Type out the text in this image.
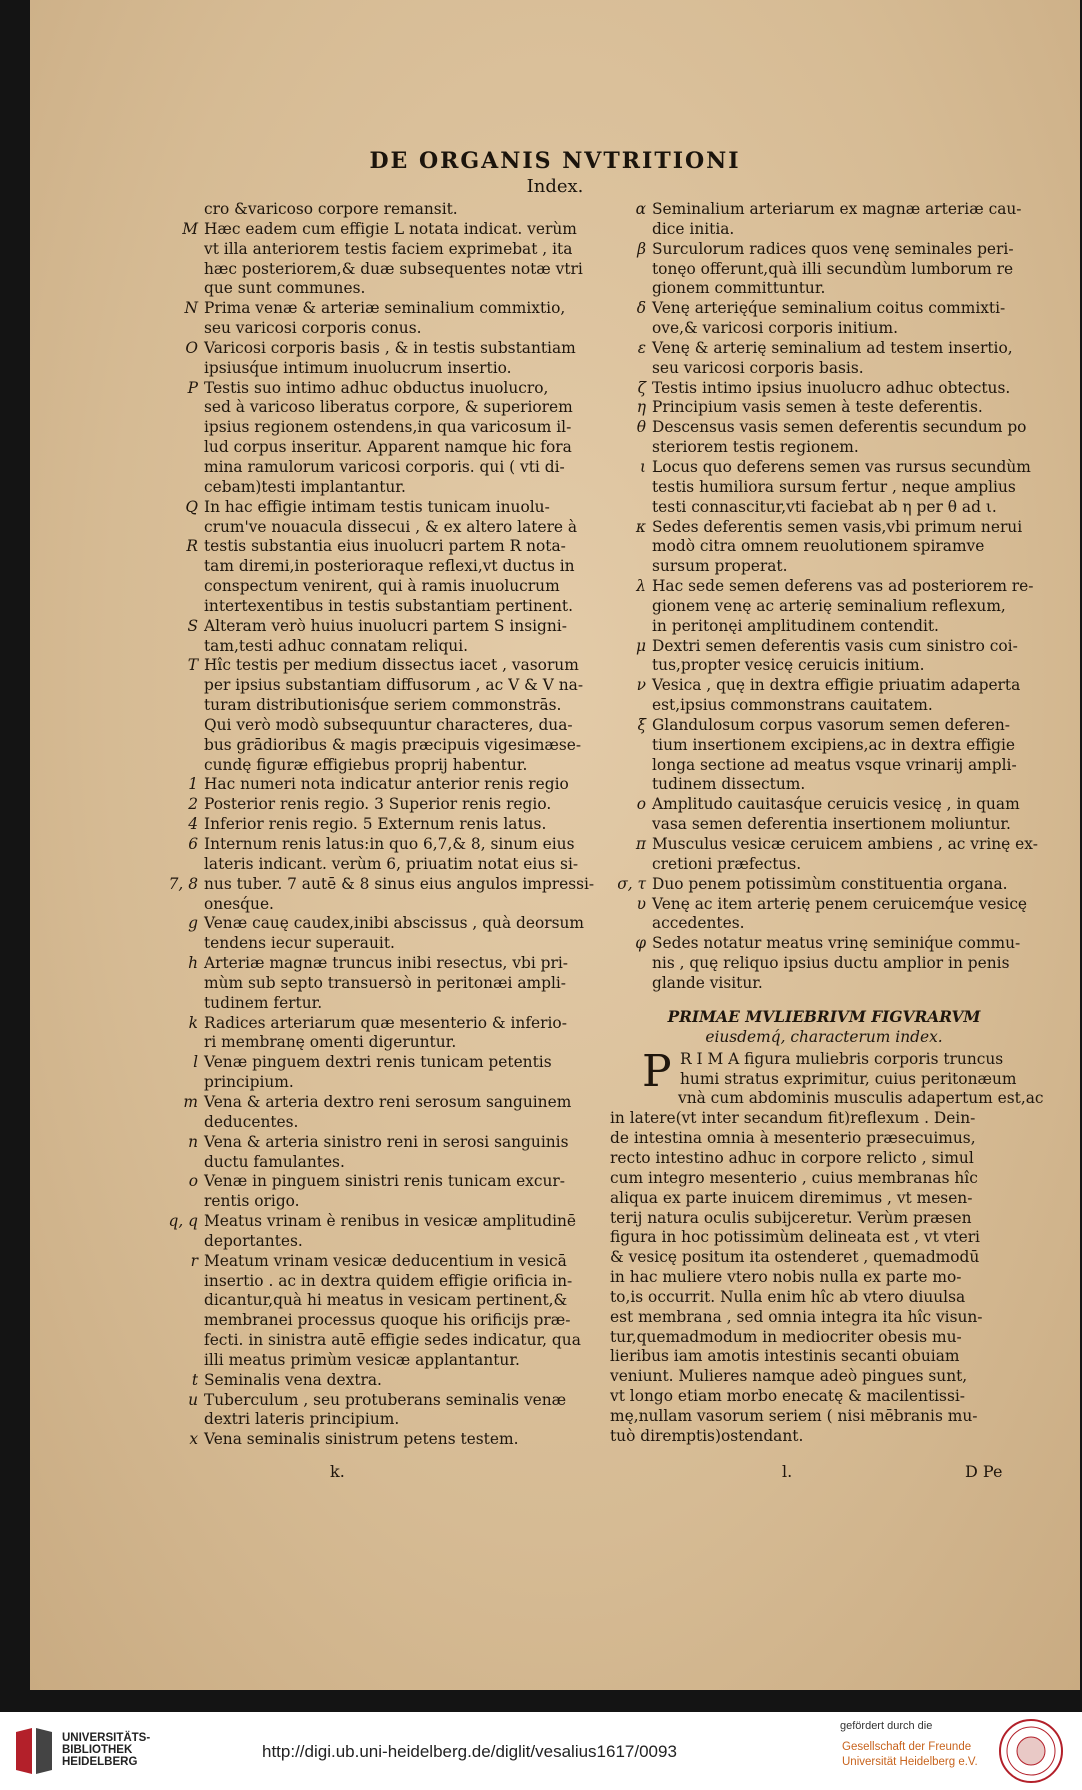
DE ORGANIS NVTRITIONI
Index.
cro &varicoso corpore remansit.
M Hæc eadem cum effigie L notata indicat. verùm
vt illa anteriorem testis faciem exprimebat , ita
hæc posteriorem,& duæ subsequentes notæ vtri
que sunt communes.
N Prima venæ & arteriæ seminalium commixtio,
seu varicosi corporis conus.
O Varicosi corporis basis , & in testis substantiam
ipsiusq́ue intimum inuolucrum insertio.
P Testis suo intimo adhuc obductus inuolucro,
sed à varicoso liberatus corpore, & superiorem
ipsius regionem ostendens,in qua varicosum il-
lud corpus inseritur. Apparent namque hic fora
mina ramulorum varicosi corporis. qui ( vti di-
cebam)testi implantantur.
Q In hac effigie intimam testis tunicam inuolu-
crum've nouacula dissecui , & ex altero latere à
R testis substantia eius inuolucri partem R nota-
tam diremi,in posterioraque reflexi,vt ductus in
conspectum venirent, qui à ramis inuolucrum
intertexentibus in testis substantiam pertinent.
S Alteram verò huius inuolucri partem S insigni-
tam,testi adhuc connatam reliqui.
T Hîc testis per medium dissectus iacet , vasorum
per ipsius substantiam diffusorum , ac V & V na-
turam distributionisq́ue seriem commonstrās.
Qui verò modò subsequuntur characteres, dua-
bus grādioribus & magis præcipuis vigesimæse-
cundę figuræ effigiebus proprij habentur.
1 Hac numeri nota indicatur anterior renis regio
2 Posterior renis regio. 3 Superior renis regio.
4 Inferior renis regio. 5 Externum renis latus.
6 Internum renis latus:in quo 6,7,& 8, sinum eius
lateris indicant. verùm 6, priuatim notat eius si-
7, 8 nus tuber. 7 autē & 8 sinus eius angulos impressi-
onesq́ue.
g Venæ cauę caudex,inibi abscissus , quà deorsum
tendens iecur superauit.
h Arteriæ magnæ truncus inibi resectus, vbi pri-
mùm sub septo transuersò in peritonæi ampli-
tudinem fertur.
k Radices arteriarum quæ mesenterio & inferio-
ri membranę omenti digeruntur.
l Venæ pinguem dextri renis tunicam petentis
principium.
m Vena & arteria dextro reni serosum sanguinem
deducentes.
n Vena & arteria sinistro reni in serosi sanguinis
ductu famulantes.
o Venæ in pinguem sinistri renis tunicam excur-
rentis origo.
q, q Meatus vrinam è renibus in vesicæ amplitudinē
deportantes.
r Meatum vrinam vesicæ deducentium in vesicā
insertio . ac in dextra quidem effigie orificia in-
dicantur,quà hi meatus in vesicam pertinent,&
membranei processus quoque his orificijs præ-
fecti. in sinistra autē effigie sedes indicatur, qua
illi meatus primùm vesicæ applantantur.
t Seminalis vena dextra.
u Tuberculum , seu protuberans seminalis venæ
dextri lateris principium.
x Vena seminalis sinistrum petens testem.
α Seminalium arteriarum ex magnæ arteriæ cau-
dice initia.
β Surculorum radices quos venę seminales peri-
tonęo offerunt,quà illi secundùm lumborum re
gionem committuntur.
δ Venę arterięq́ue seminalium coitus commixti-
ove,& varicosi corporis initium.
ε Venę & arterię seminalium ad testem insertio,
seu varicosi corporis basis.
ζ Testis intimo ipsius inuolucro adhuc obtectus.
η Principium vasis semen à teste deferentis.
θ Descensus vasis semen deferentis secundum po
steriorem testis regionem.
ι Locus quo deferens semen vas rursus secundùm
testis humiliora sursum fertur , neque amplius
testi connascitur,vti faciebat ab η per θ ad ι.
κ Sedes deferentis semen vasis,vbi primum nerui
modò citra omnem reuolutionem spiramve
sursum properat.
λ Hac sede semen deferens vas ad posteriorem re-
gionem venę ac arterię seminalium reflexum,
in peritonęi amplitudinem contendit.
μ Dextri semen deferentis vasis cum sinistro coi-
tus,propter vesicę ceruicis initium.
ν Vesica , quę in dextra effigie priuatim adaperta
est,ipsius commonstrans cauitatem.
ξ Glandulosum corpus vasorum semen deferen-
tium insertionem excipiens,ac in dextra effigie
longa sectione ad meatus vsque vrinarij ampli-
tudinem dissectum.
ο Amplitudo cauitasq́ue ceruicis vesicę , in quam
vasa semen deferentia insertionem moliuntur.
π Musculus vesicæ ceruicem ambiens , ac vrinę ex-
cretioni præfectus.
σ, τ Duo penem potissimùm constituentia organa.
υ Venę ac item arterię penem ceruicemq́ue vesicę
accedentes.
φ Sedes notatur meatus vrinę seminiq́ue commu-
nis , quę reliquo ipsius ductu amplior in penis
glande visitur.
PRIMAE MVLIEBRIVM FIGVRARVM
eiusdemq́, characterum index.
P R I M A figura muliebris corporis truncus
humi stratus exprimitur, cuius peritonæum
vnà cum abdominis musculis adapertum est,ac
in latere(vt inter secandum fit)reflexum . Dein-
de intestina omnia à mesenterio præsecuimus,
recto intestino adhuc in corpore relicto , simul
cum integro mesenterio , cuius membranas hîc
aliqua ex parte inuicem diremimus , vt mesen-
terij natura oculis subijceretur. Verùm præsen
figura in hoc potissimùm delineata est , vt vteri
& vesicę positum ita ostenderet , quemadmodū
in hac muliere vtero nobis nulla ex parte mo-
to,is occurrit. Nulla enim hîc ab vtero diuulsa
est membrana , sed omnia integra ita hîc visun-
tur,quemadmodum in mediocriter obesis mu-
lieribus iam amotis intestinis secanti obuiam
veniunt. Mulieres namque adeò pingues sunt,
vt longo etiam morbo enecatę & macilentissi-
mę,nullam vasorum seriem ( nisi mēbranis mu-
tuò diremptis)ostendant.
k.	l.	D Pe
UNIVERSITÄTS-
BIBLIOTHEK
HEIDELBERG
http://digi.ub.uni-heidelberg.de/diglit/vesalius1617/0093
gefördert durch die
Gesellschaft der Freunde
Universität Heidelberg e.V.
